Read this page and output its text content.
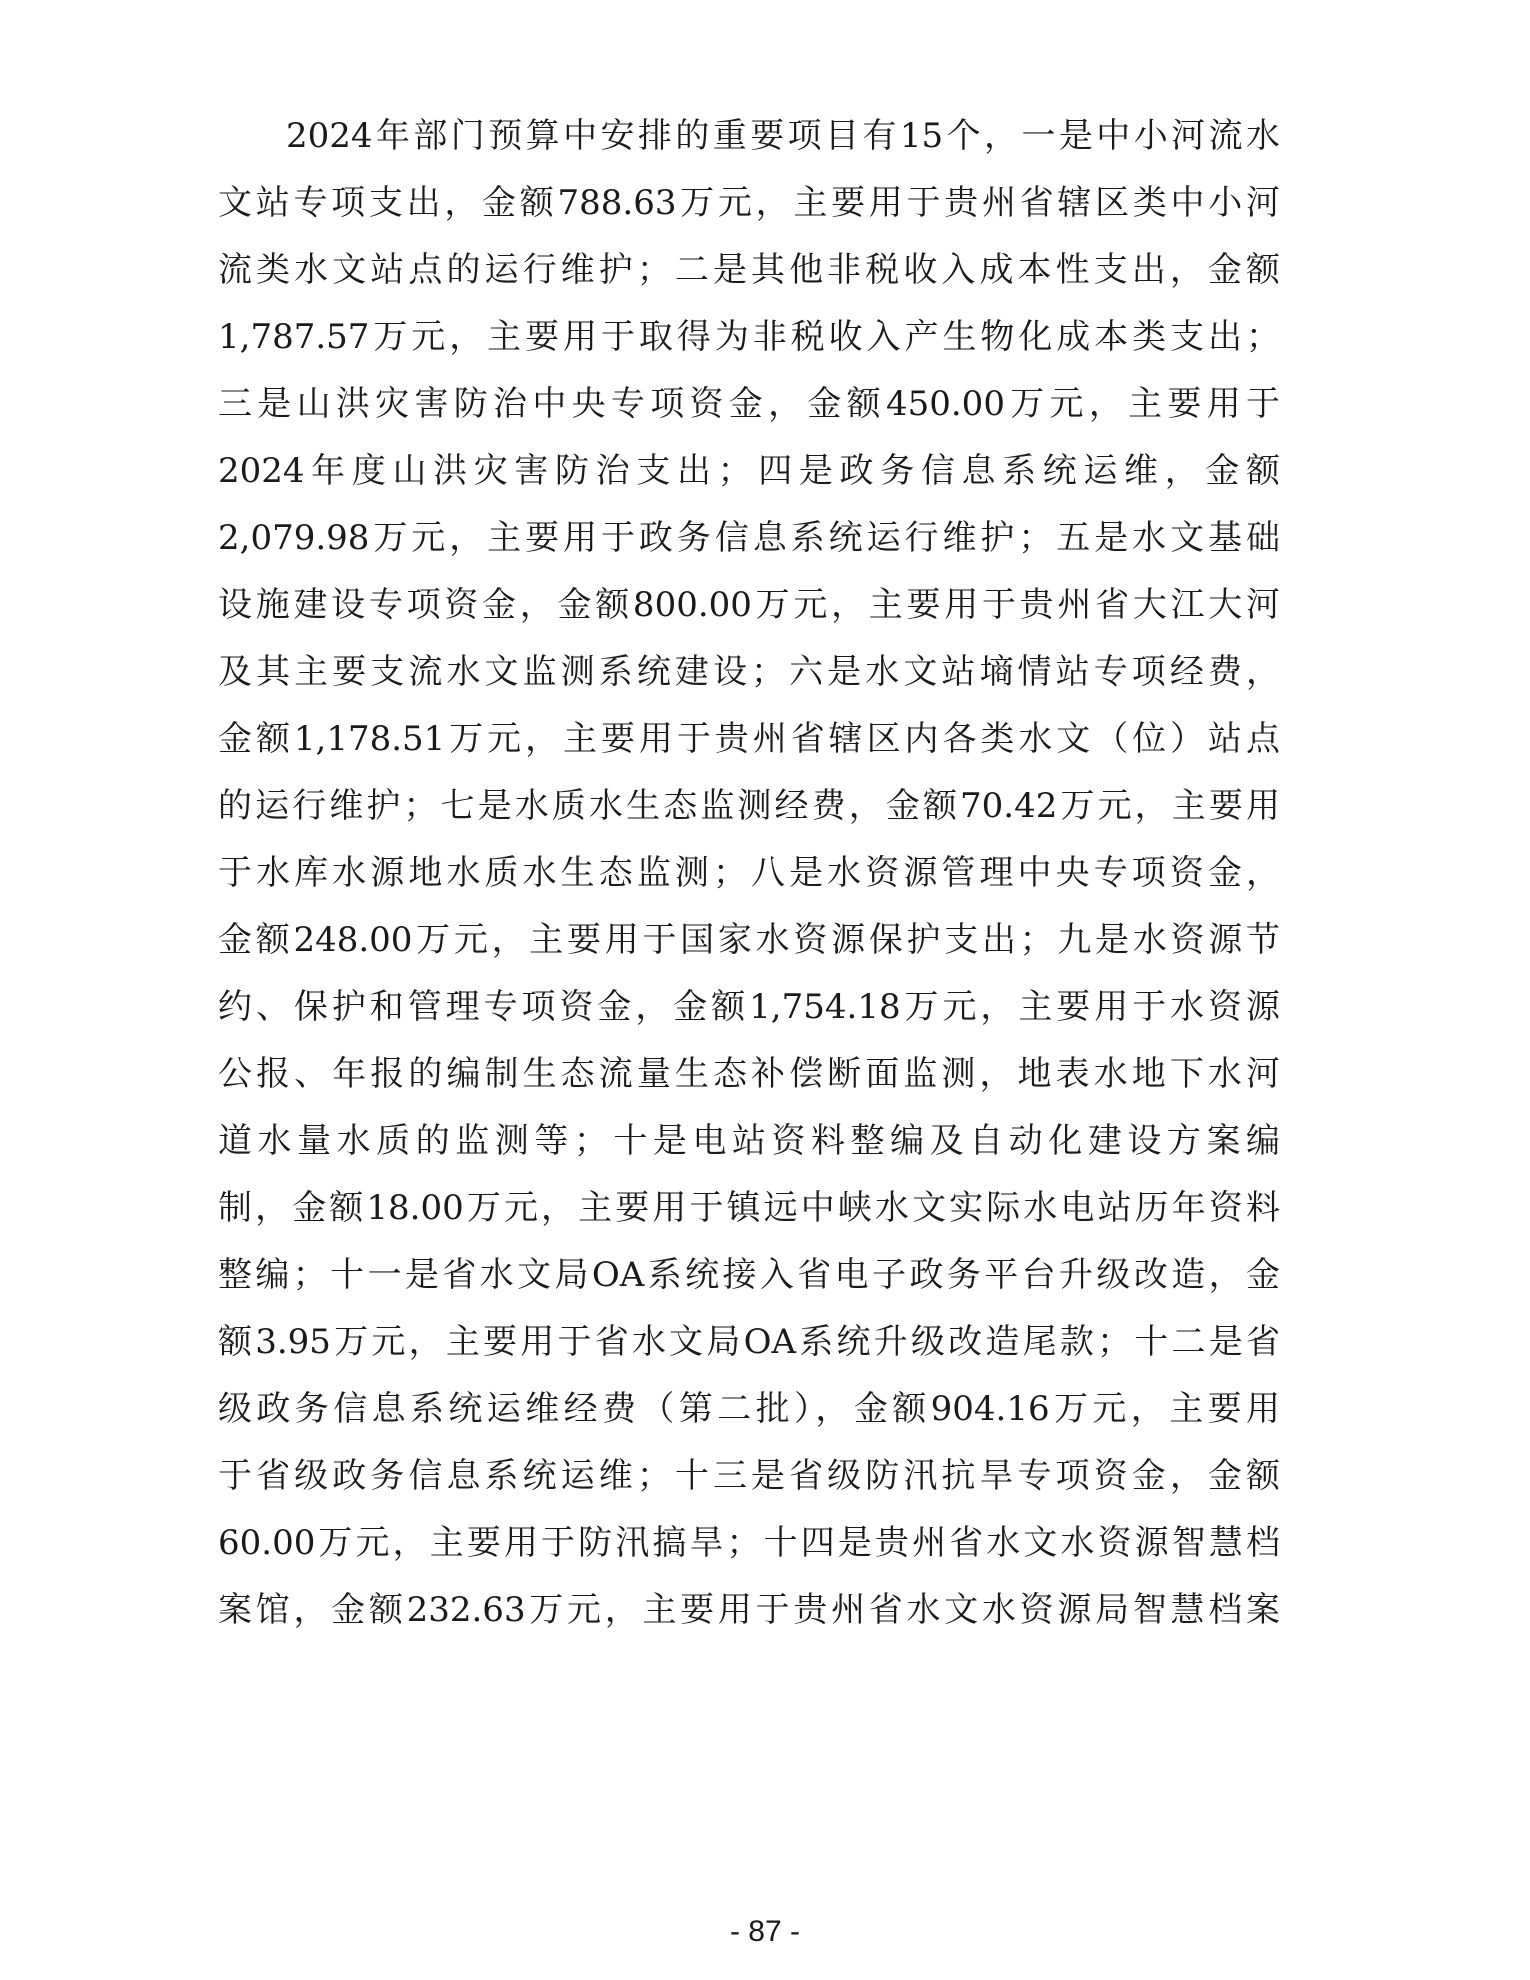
2024年部门预算中安排的重要项目有15个，一是中小河流水
文站专项支出，金额788.63万元，主要用于贵州省辖区类中小河
流类水文站点的运行维护；二是其他非税收入成本性支出，金额
1,787.57万元，主要用于取得为非税收入产生物化成本类支出；
三是山洪灾害防治中央专项资金，金额450.00万元，主要用于
2024年度山洪灾害防治支出；四是政务信息系统运维，金额
2,079.98万元，主要用于政务信息系统运行维护；五是水文基础
设施建设专项资金，金额800.00万元，主要用于贵州省大江大河
及其主要支流水文监测系统建设；六是水文站墒情站专项经费，
金额1,178.51万元，主要用于贵州省辖区内各类水文（位）站点
的运行维护；七是水质水生态监测经费，金额70.42万元，主要用
于水库水源地水质水生态监测；八是水资源管理中央专项资金，
金额248.00万元，主要用于国家水资源保护支出；九是水资源节
约、保护和管理专项资金，金额1,754.18万元，主要用于水资源
公报、年报的编制生态流量生态补偿断面监测，地表水地下水河
道水量水质的监测等；十是电站资料整编及自动化建设方案编
制，金额18.00万元，主要用于镇远中峡水文实际水电站历年资料
整编；十一是省水文局OA系统接入省电子政务平台升级改造，金
额3.95万元，主要用于省水文局OA系统升级改造尾款；十二是省
级政务信息系统运维经费（第二批），金额904.16万元，主要用
于省级政务信息系统运维；十三是省级防汛抗旱专项资金，金额
60.00万元，主要用于防汛搞旱；十四是贵州省水文水资源智慧档
案馆，金额232.63万元，主要用于贵州省水文水资源局智慧档案
- 87 -
